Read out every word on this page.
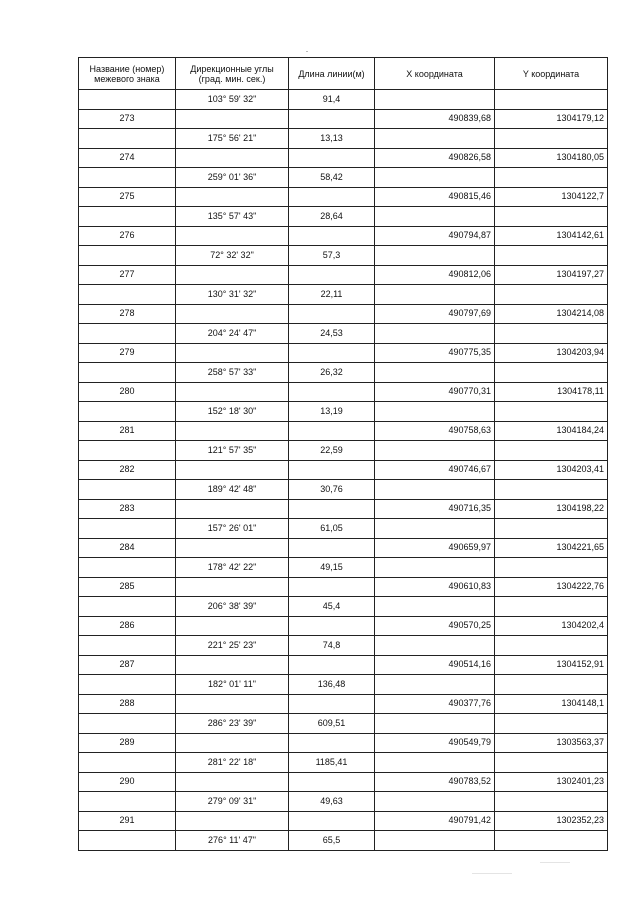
Название (номер) межевого знака	Дирекционные углы (град. мин. сек.)	Длина линии(м)	X координата	Y координата
	103° 59' 32"	91,4		
273			490839,68	1304179,12
	175° 56' 21"	13,13		
274			490826,58	1304180,05
	259° 01' 36"	58,42		
275			490815,46	1304122,7
	135° 57' 43"	28,64		
276			490794,87	1304142,61
	72° 32' 32"	57,3		
277			490812,06	1304197,27
	130° 31' 32"	22,11		
278			490797,69	1304214,08
	204° 24' 47"	24,53		
279			490775,35	1304203,94
	258° 57' 33"	26,32		
280			490770,31	1304178,11
	152° 18' 30"	13,19		
281			490758,63	1304184,24
	121° 57' 35"	22,59		
282			490746,67	1304203,41
	189° 42' 48"	30,76		
283			490716,35	1304198,22
	157° 26' 01"	61,05		
284			490659,97	1304221,65
	178° 42' 22"	49,15		
285			490610,83	1304222,76
	206° 38' 39"	45,4		
286			490570,25	1304202,4
	221° 25' 23"	74,8		
287			490514,16	1304152,91
	182° 01' 11"	136,48		
288			490377,76	1304148,1
	286° 23' 39"	609,51		
289			490549,79	1303563,37
	281° 22' 18"	1185,41		
290			490783,52	1302401,23
	279° 09' 31"	49,63		
291			490791,42	1302352,23
	276° 11' 47"	65,5		
